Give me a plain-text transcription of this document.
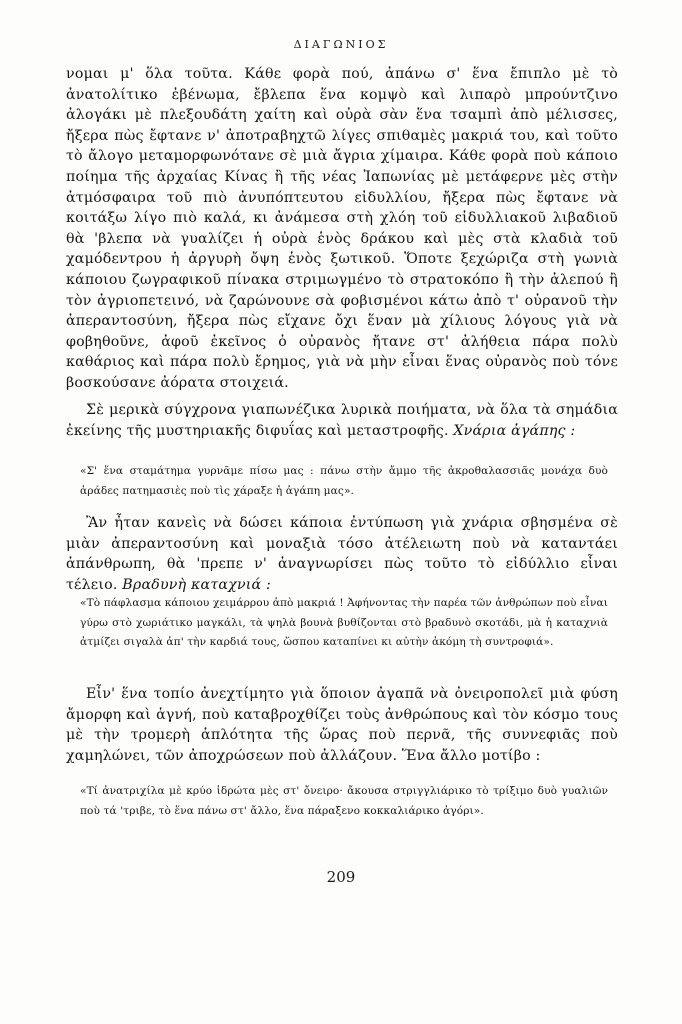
ΔΙΑΓΩΝΙΟΣ
νομαι μ' ὅλα τοῦτα. Κάθε φορὰ πού, ἀπάνω σ' ἕνα ἔπιπλο μὲ τὸ ἀνατολίτικο ἐβένωμα, ἔβλεπα ἕνα κομψὸ καὶ λιπαρὸ μπρούντζινο ἀλογάκι μὲ πλεξουδάτη χαίτη καὶ οὐρὰ σὰν ἕνα τσαμπὶ ἀπὸ μέλισσες, ἤξερα πὼς ἔφτανε ν' ἀποτραβηχτῶ λίγες σπιθαμὲς μακριά του, καὶ τοῦτο τὸ ἄλογο μεταμορφωνότανε σὲ μιὰ ἄγρια χίμαιρα. Κάθε φορὰ ποὺ κάποιο ποίημα τῆς ἀρχαίας Κίνας ἢ τῆς νέας Ἰαπωνίας μὲ μετάφερνε μὲς στὴν ἀτμόσφαιρα τοῦ πιὸ ἀνυπόπτευτου εἰδυλλίου, ἤξερα πὼς ἔφτανε νὰ κοιτάξω λίγο πιὸ καλά, κι ἀνάμεσα στὴ χλόη τοῦ εἰδυλλιακοῦ λιβαδιοῦ θὰ 'βλεπα νὰ γυαλίζει ἡ οὐρὰ ἑνὸς δράκου καὶ μὲς στὰ κλαδιὰ τοῦ χαμόδεντρου ἡ ἀργυρὴ ὄψη ἑνὸς ξωτικοῦ. Ὅποτε ξεχώριζα στὴ γωνιὰ κάποιου ζωγραφικοῦ πίνακα στριμωγμένο τὸ στρατοκόπο ἢ τὴν ἀλεπού ἢ τὸν ἀγριοπετεινό, νὰ ζαρώνουνε σὰ φοβισμένοι κάτω ἀπὸ τ' οὐρανοῦ τὴν ἀπεραντοσύνη, ἤξερα πὼς εἴχανε ὄχι ἕναν μὰ χίλιους λόγους γιὰ νὰ φοβηθοῦνε, ἀφοῦ ἐκεῖνος ὁ οὐρανὸς ἤτανε στ' ἀλήθεια πάρα πολὺ καθάριος καὶ πάρα πολὺ ἔρημος, γιὰ νὰ μὴν εἶναι ἕνας οὐρανὸς ποὺ τόνε βοσκούσανε ἀόρατα στοιχειά.
Σὲ μερικὰ σύγχρονα γιαπωνέζικα λυρικὰ ποιήματα, νὰ ὅλα τὰ σημάδια ἐκείνης τῆς μυστηριακῆς διφυΐας καὶ μεταστροφῆς. Χνάρια ἀγάπης :
«Σ' ἕνα σταμάτημα γυρνᾶμε πίσω μας : πάνω στὴν ἄμμο τῆς ἀκροθαλασσιᾶς μονάχα δυὸ ἀράδες πατημασιὲς ποὺ τὶς χάραξε ἡ ἀγάπη μας».
Ἂν ἦταν κανεὶς νὰ δώσει κάποια ἐντύπωση γιὰ χνάρια σβησμένα σὲ μιὰν ἀπεραντοσύνη καὶ μοναξιὰ τόσο ἀτέλειωτη ποὺ νὰ καταντάει ἀπάνθρωπη, θὰ 'πρεπε ν' ἀναγνωρίσει πὼς τοῦτο τὸ εἰδύλλιο εἶναι τέλειο. Βραδυνὴ καταχνιά :
«Τὸ πάφλασμα κάποιου χειμάρρου ἀπὸ μακριά ! Ἀφήνοντας τὴν παρέα τῶν ἀνθρώπων ποὺ εἶναι γύρω στὸ χωριάτικο μαγκάλι, τὰ ψηλὰ βουνὰ βυθίζονται στὸ βραδυνὸ σκοτάδι, μὰ ἡ καταχνιὰ ἀτμίζει σιγαλὰ ἀπ' τὴν καρδιά τους, ὥσπου καταπίνει κι αὐτὴν ἀκόμη τὴ συντροφιά».
Εἶν' ἕνα τοπίο ἀνεχτίμητο γιὰ ὅποιον ἀγαπᾶ νὰ ὀνειροπολεῖ μιὰ φύση ἄμορφη καὶ ἁγνή, ποὺ καταβροχθίζει τοὺς ἀνθρώπους καὶ τὸν κόσμο τους μὲ τὴν τρομερὴ ἁπλότητα τῆς ὥρας ποὺ περνᾶ, τῆς συννεφιᾶς ποὺ χαμηλώνει, τῶν ἀποχρώσεων ποὺ ἀλλάζουν. Ἕνα ἄλλο μοτίβο :
«Τί ἀνατριχίλα μὲ κρύο ἱδρώτα μὲς στ' ὄνειρο· ἄκουσα στριγγλιάρικο τὸ τρίξιμο δυὸ γυαλιῶν ποὺ τά 'τριβε, τὸ ἕνα πάνω στ' ἄλλο, ἕνα πάραξενο κοκκαλιάρικο ἀγόρι».
209
